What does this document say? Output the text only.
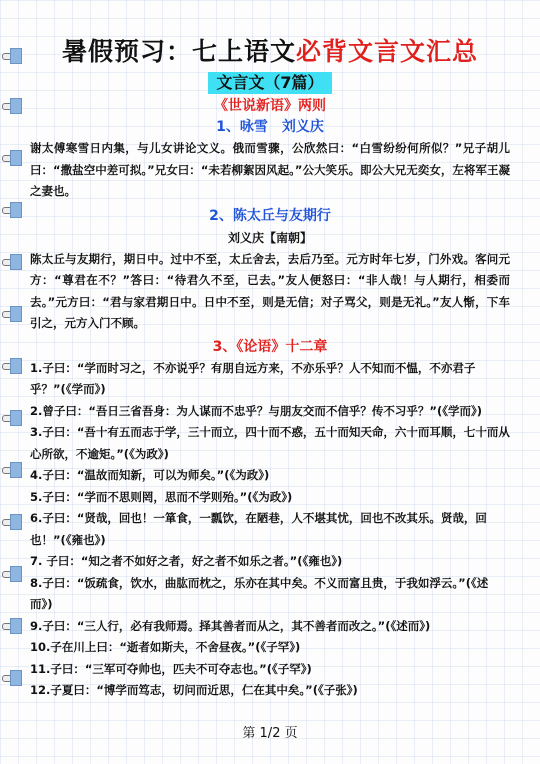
暑假预习：七上语文必背文言文汇总
文言文（7篇）
《世说新语》两则
1、咏雪　刘义庆
谢太傅寒雪日内集，与儿女讲论文义。俄而雪骤，公欣然曰：“白雪纷纷何所似？”兄子胡儿曰：“撒盐空中差可拟。”兄女曰：“未若柳絮因风起。”公大笑乐。即公大兄无奕女，左将军王凝之妻也。
2、陈太丘与友期行
刘义庆【南朝】
陈太丘与友期行，期日中。过中不至，太丘舍去，去后乃至。元方时年七岁，门外戏。客问元方：“尊君在不？”答曰：“待君久不至，已去。”友人便怒曰：“非人哉！与人期行，相委而去。”元方曰：“君与家君期日中。日中不至，则是无信；对子骂父，则是无礼。”友人惭，下车引之，元方入门不顾。
3、《论语》十二章
1.子曰：“学而时习之，不亦说乎？有朋自远方来，不亦乐乎？人不知而不愠，不亦君子乎？”(《学而》)
2.曾子曰：“吾日三省吾身：为人谋而不忠乎？与朋友交而不信乎？传不习乎？”(《学而》)
3.子曰：“吾十有五而志于学，三十而立，四十而不惑，五十而知天命，六十而耳顺，七十而从心所欲，不逾矩。”(《为政》)
4.子曰：“温故而知新，可以为师矣。”(《为政》)
5.子曰：“学而不思则罔，思而不学则殆。”(《为政》)
6.子曰：“贤哉，回也！一箪食，一瓢饮，在陋巷，人不堪其忧，回也不改其乐。贤哉，回也！”(《雍也》)
7. 子曰：“知之者不如好之者，好之者不如乐之者。”(《雍也》)
8.子曰：“饭疏食，饮水，曲肱而枕之，乐亦在其中矣。不义而富且贵，于我如浮云。”(《述而》)
9.子曰：“三人行，必有我师焉。择其善者而从之，其不善者而改之。”(《述而》)
10.子在川上曰：“逝者如斯夫，不舍昼夜。”(《子罕》)
11.子曰：“三军可夺帅也，匹夫不可夺志也。”(《子罕》)
12.子夏曰：“博学而笃志，切问而近思，仁在其中矣。”(《子张》)
第 1/2 页
